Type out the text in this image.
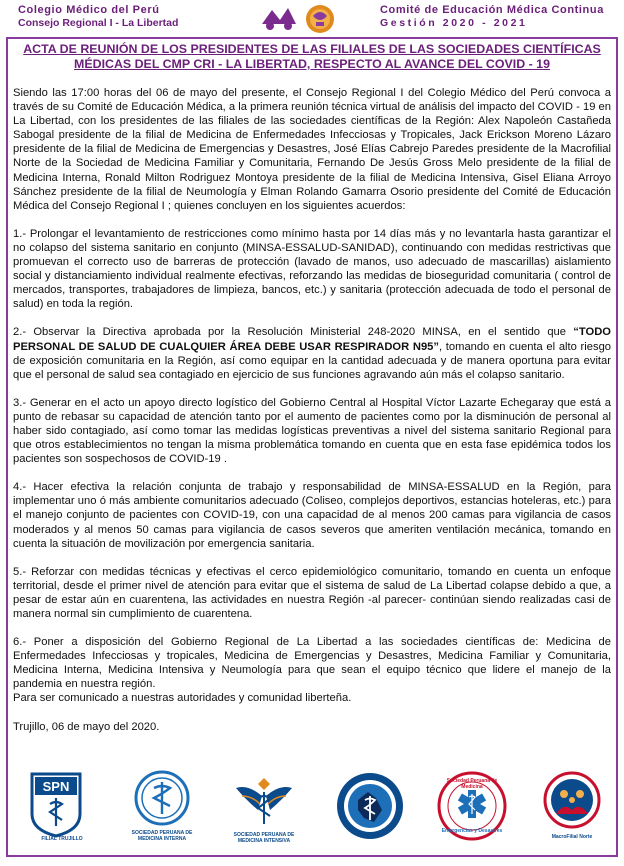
Colegio Médico del Perú
Consejo Regional I - La Libertad
Comité de Educación Médica Continua
Gestión 2020 - 2021
ACTA DE REUNIÓN DE LOS PRESIDENTES DE LAS FILIALES DE LAS SOCIEDADES CIENTÍFICAS
MÉDICAS DEL CMP CRI - LA LIBERTAD, RESPECTO AL AVANCE DEL COVID - 19

Siendo las 17:00 horas del 06 de mayo del presente, el Consejo Regional I del Colegio Médico del Perú convoca a través de su Comité de Educación Médica, a la primera reunión técnica virtual de análisis del impacto del COVID - 19 en La Libertad, con los presidentes de las filiales de las sociedades científicas de la Región: Alex Napoleón Castañeda Sabogal presidente de la filial de Medicina de Enfermedades Infecciosas y Tropicales, Jack Erickson Moreno Lázaro presidente de la filial de Medicina de Emergencias y Desastres, José Elías Cabrejo Paredes presidente de la Macrofilial Norte de la Sociedad de Medicina Familiar y Comunitaria, Fernando De Jesús Gross Melo presidente de la filial de Medicina Interna, Ronald Milton Rodriguez Montoya presidente de la filial de Medicina Intensiva, Gisel Eliana Arroyo Sánchez presidente de la filial de Neumología y Elman Rolando Gamarra Osorio presidente del Comité de Educación Médica del Consejo Regional I ; quienes concluyen en los siguientes acuerdos:

1.- Prolongar el levantamiento de restricciones como mínimo hasta por 14 días más y no levantarla hasta garantizar el no colapso del sistema sanitario en conjunto (MINSA-ESSALUD-SANIDAD), continuando con medidas restrictivas que promuevan el correcto uso de barreras de protección (lavado de manos, uso adecuado de mascarillas) aislamiento social y distanciamiento individual realmente efectivas, reforzando las medidas de bioseguridad comunitaria ( control de mercados, transportes, trabajadores de limpieza, bancos, etc.) y sanitaria (protección adecuada de todo el personal de salud) en toda la región.

2.- Observar la Directiva aprobada por la Resolución Ministerial 248-2020 MINSA, en el sentido que “TODO PERSONAL DE SALUD DE CUALQUIER ÁREA DEBE USAR RESPIRADOR N95”, tomando en cuenta el alto riesgo de exposición comunitaria en la Región, así como equipar en la cantidad adecuada y de manera oportuna para evitar que el personal de salud sea contagiado en ejercicio de sus funciones agravando aún más el colapso sanitario.

3.- Generar en el acto un apoyo directo logístico del Gobierno Central al Hospital Víctor Lazarte Echegaray que está a punto de rebasar su capacidad de atención tanto por el aumento de pacientes como por la disminución de personal al haber sido contagiado, así como tomar las medidas logísticas preventivas a nivel del sistema sanitario Regional para que otros establecimientos no tengan la misma problemática tomando en cuenta que en esta fase epidémica todos los pacientes son sospechosos de COVID-19 .

4.- Hacer efectiva la relación conjunta de trabajo y responsabilidad de MINSA-ESSALUD en la Región, para implementar uno ó más ambiente comunitarios adecuado (Coliseo, complejos deportivos, estancias hoteleras, etc.) para el manejo conjunto de pacientes con COVID-19, con una capacidad de al menos 200 camas para vigilancia de casos moderados y al menos 50 camas para vigilancia de casos severos que ameriten ventilación mecánica, tomando en cuenta la situación de movilización por emergencia sanitaria.

5.- Reforzar con medidas técnicas y efectivas el cerco epidemiológico comunitario, tomando en cuenta un enfoque territorial, desde el primer nivel de atención para evitar que el sistema de salud de La Libertad colapse debido a que, a pesar de estar aún en cuarentena, las actividades en nuestra Región -al parecer- continúan siendo realizadas casi de manera normal sin cumplimiento de cuarentena.

6.- Poner a disposición del Gobierno Regional de La Libertad a las sociedades científicas de: Medicina de Enfermedades Infecciosas y tropicales, Medicina de Emergencias y Desastres, Medicina Familiar y Comunitaria, Medicina Interna, Medicina Intensiva y Neumología para que sean el equipo técnico que lidere el manejo de la pandemia en nuestra región.

Para ser comunicado a nuestras autoridades y comunidad liberteña.

Trujillo, 06 de mayo del 2020.

SPN
FILIAL TRUJILLO
SOCIEDAD PERUANA DE MEDICINA INTERNA
SOCIEDAD PERUANA DE MEDICINA INTENSIVA
Sociedad Peruana de Medicina
Emergencias y Desastres
MacroFilial Norte
